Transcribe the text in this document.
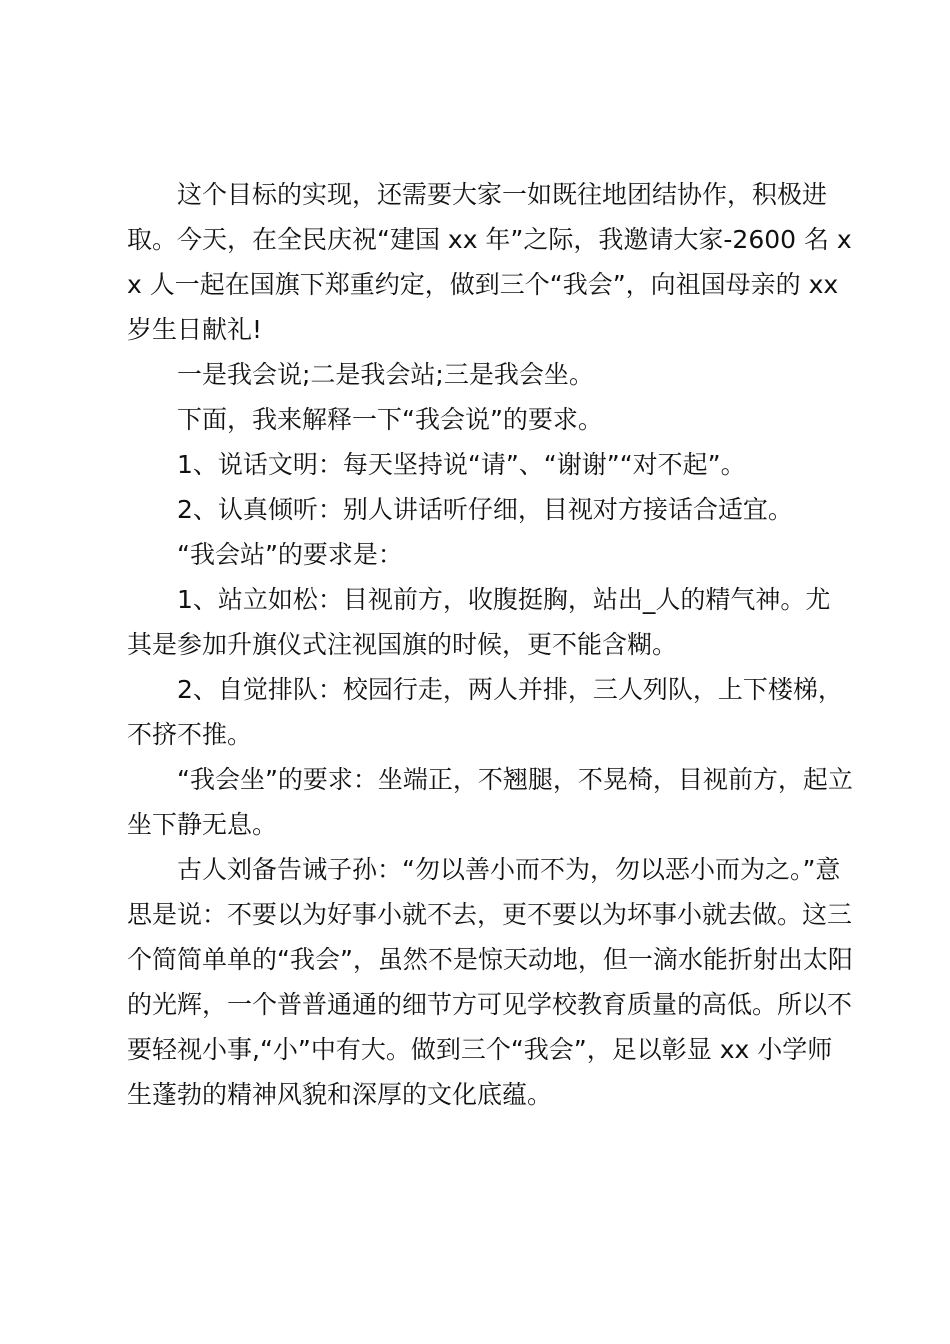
这个目标的实现，还需要大家一如既往地团结协作，积极进取。今天，在全民庆祝“建国 xx 年”之际，我邀请大家-2600 名 xx 人一起在国旗下郑重约定，做到三个“我会”，向祖国母亲的 xx 岁生日献礼!

一是我会说;二是我会站;三是我会坐。

下面，我来解释一下“我会说”的要求。

1、说话文明：每天坚持说“请”、“谢谢”“对不起”。

2、认真倾听：别人讲话听仔细，目视对方接话合适宜。

“我会站”的要求是：

1、站立如松：目视前方，收腹挺胸，站出_人的精气神。尤其是参加升旗仪式注视国旗的时候，更不能含糊。

2、自觉排队：校园行走，两人并排，三人列队，上下楼梯，不挤不推。

“我会坐”的要求：坐端正，不翘腿，不晃椅，目视前方，起立坐下静无息。

古人刘备告诫子孙：“勿以善小而不为，勿以恶小而为之。”意思是说：不要以为好事小就不去，更不要以为坏事小就去做。这三个简简单单的“我会”，虽然不是惊天动地，但一滴水能折射出太阳的光辉，一个普普通通的细节方可见学校教育质量的高低。所以不要轻视小事,“小”中有大。做到三个“我会”，足以彰显 xx 小学师生蓬勃的精神风貌和深厚的文化底蕴。
